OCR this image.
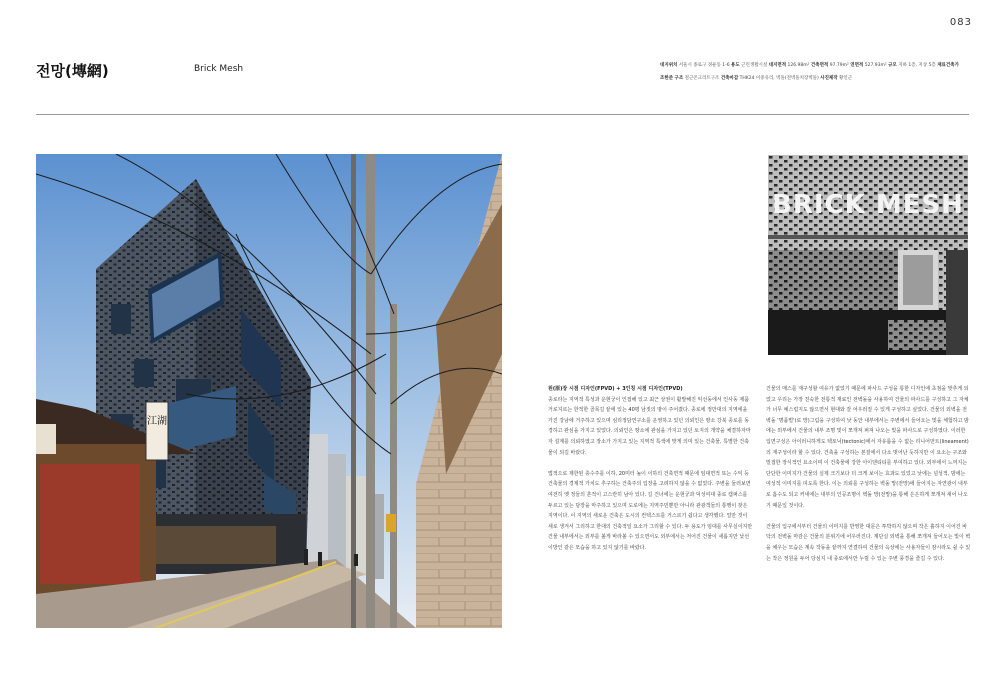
083
전망(塼網)	Brick Mesh	대지위치 서울시 종로구 경운동 1-6 용도 근린생활시설 대지면적 126.98m² 건축면적 97.79m² 연면적 527.93m² 규모 지하 1층, 지상 5층 재료건축가
조한준 구조 철근콘크리트구조 건축마감 THK24 이중유리, 벽돌(전벽돌치장벽돌) 사진제작 황인근
江湖
BRICK MESH

원(原)장 시점 디자인(FPVD) + 3인칭 시점 디자인(TPVD)

종로라는 지역적 특성과 운현궁이 인접해 있고 최근 상권이 활발해진 익선동에서 인사동 제품 거로지르는 한적한 골목길 끝에 있는 40평 남짓의 땅이 주어졌다. 종로에 정만대의 지역에을 가진 강남에 거주하고 있으며 심리정담연구소를 운영하고 있던 의뢰인은 땅소 강북 종로를 동경하고 관심을 가지고 있었다. 의뢰인은 땅소에 관심을 가지고 있던 토지의 개약을 체결하자마자 설계를 의뢰하였고 장소가 가지고 있는 지역적 특색에 맞게 의미 있는 건축물, 특별한 건축물이 되길 바랐다.

법적으로 제한된 층수주를 이하, 20미터 높이 이하의 건축면적 때문에 임대면적 또는 수익 등 건축물의 경제적 가치도 추구하는 건축주의 입장을 고려하지 않을 수 없었다. 주변을 둘러보면 여전히 옛 정들의 흔적이 고스란히 남아 있다. 길 건너에는 운현궁과 덕성여대 종로 캠퍼스를 두르고 있는 담장을 마주하고 있으며 도로에는 지역주민뿐만 아니라 관광객들의 통행이 잦은 지역이다. 이 지역의 새로운 건축은 도시의 컨텍스트를 거스르기 쉽다고 생각했다. 얼만 것이 새로 생겨서 그리하고 한대의 건축적일 요소가 그리할 수 있다. 두 용도가 임대를 사무실이지만 건물 내부에서는 외부를 볼게 바라볼 수 있으면서도 외부에서는 저어진 건물이 새롭지만 낯선 이방인 같은 모습을 하고 있지 않기를 바랐다.

건물의 매스를 재구성할 여유가 없었기 때문에 파사드 구성을 통한 디자인에 초점을 맞추게 되었고 우리는 가장 친숙한 전통적 재료인 전벽돌을 사용하여 건물의 파사드를 구성하고 그 자체가 너무 예스럽지도 않으면서 현대와 잘 어우러질 수 있게 구성하고 싶었다. 건물의 외벽을 전벽돌 '명품벌'(로 망)그림을 구성하여 낮 동안 내부에서는 주변에서 들어오는 빛을 체험하고 밤에는 외부에서 건물의 내부 조명 빛이 쪼개져 퍼져 나오는 빛을 파사드로 구성하였다. 이러한 입면구성은 아이러니하게도 텍토닉(tectonic)에서 자유롭을 수 없는 리니어먼트(lineament)의 재구성이라 할 수 있다. 건축을 구성하는 본질에서 다소 벗어난 듯하지만 이 요소는 구조와 밀접한 장식적인 요소이며 이 건축물에 강한 아이덴티티를 부여하고 있다. 외부에서 느껴지는 단단한 이미지가 건물의 실제 크기보다 더 크게 보이는 효과도 있었고 낮에는 넘성적, 밤에는 여성적 이미지를 띠도록 한다. 이는 의뢰를 구성하는 벽돌 망(전망)에 들어지는 자연광이 내부로 흡수도 되고 커네에는 내부의 인공조명이 벽돌 망(전망)을 통해 은은하게 쪼개져 새어 나오기 때문일 것이다.

건물의 입구에서부터 건물의 이미지를 반영한 대문은 투박하지 않으며 작은 흙하지 이어진 바닥의 전벽돌 마감은 건물의 분위기에 어우러진다. 계단실 외벽을 통해 쪼개져 들어오는 빛이 벽을 채우는 모습은 계속 작동을 끝까지 연결하여 건물의 옥상에는 사용자들이 잠시라도 쉴 수 있는 작은 정원을 두어 당심지 내 종로에서만 누릴 수 있는 주변 풍경을 즐길 수 있다.
